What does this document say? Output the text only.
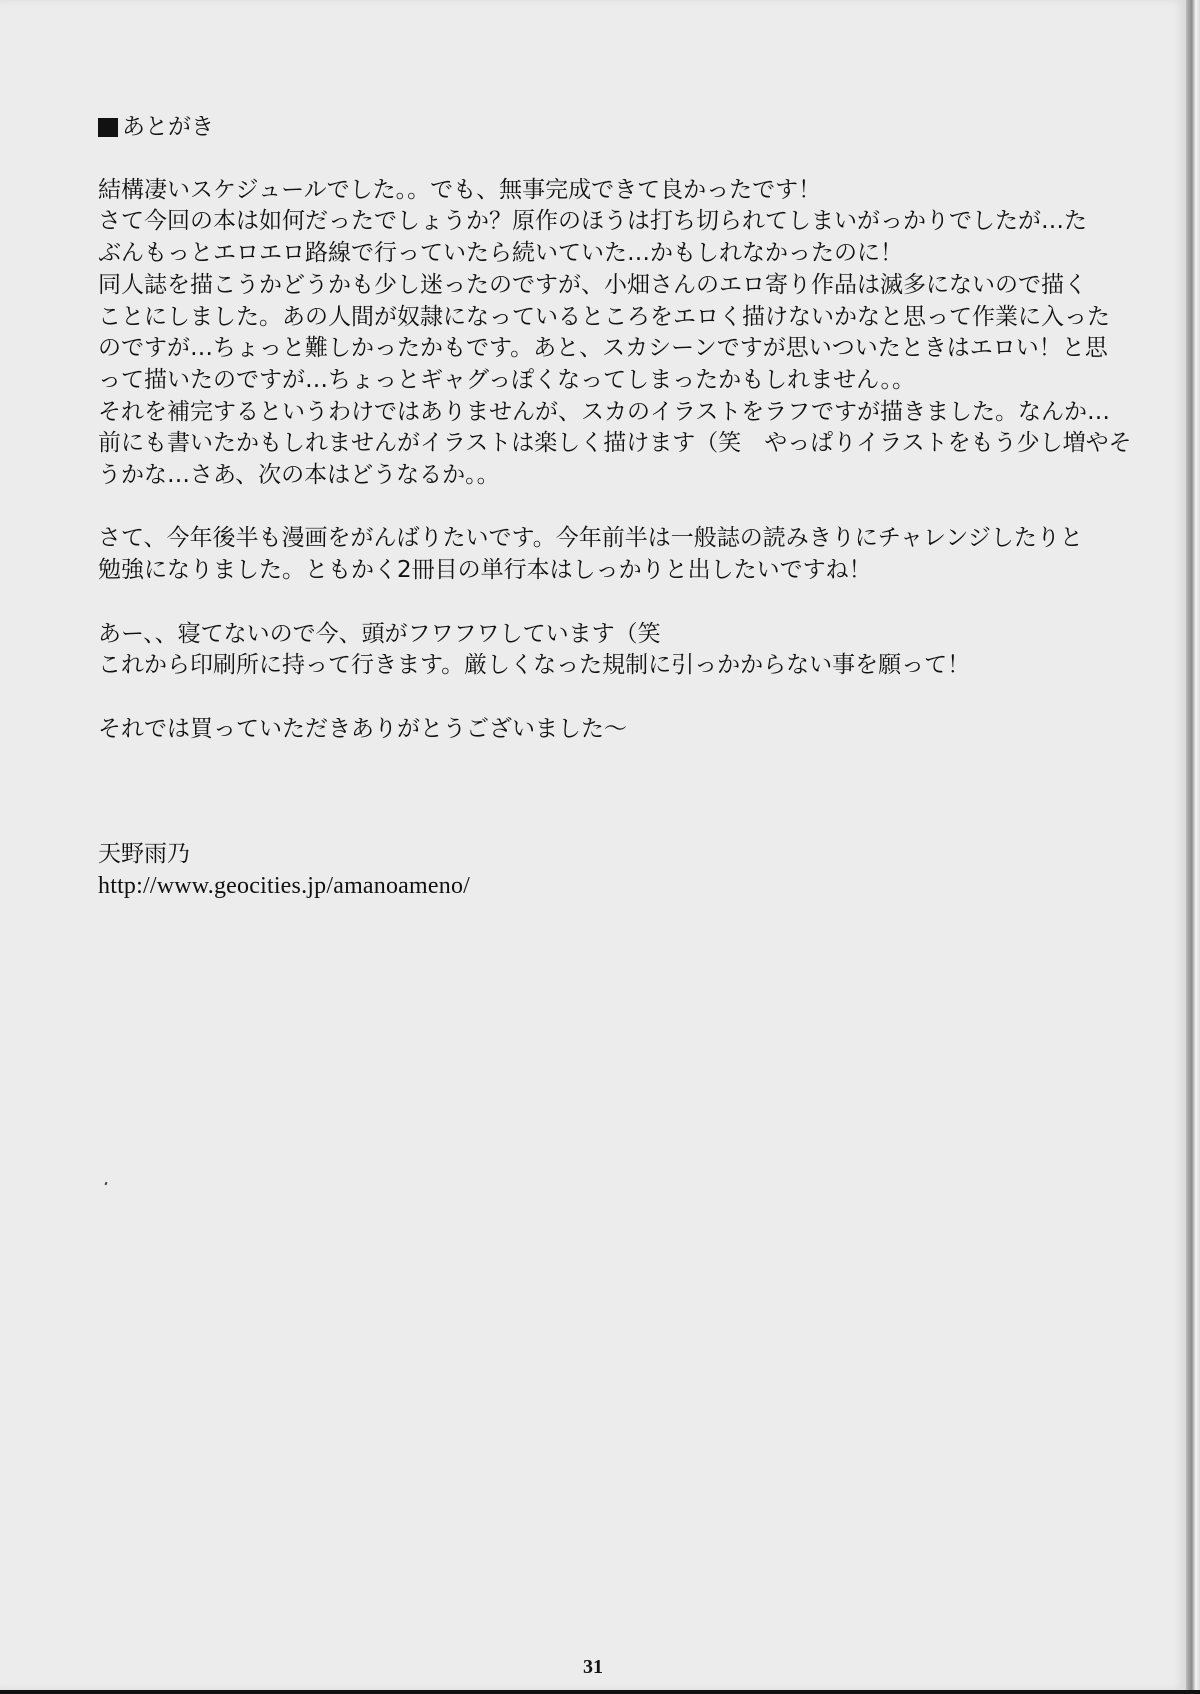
あとがき
結構凄いスケジュールでした。。でも、無事完成できて良かったです！
さて今回の本は如何だったでしょうか？原作のほうは打ち切られてしまいがっかりでしたが…た
ぶんもっとエロエロ路線で行っていたら続いていた…かもしれなかったのに！
同人誌を描こうかどうかも少し迷ったのですが、小畑さんのエロ寄り作品は滅多にないので描く
ことにしました。あの人間が奴隷になっているところをエロく描けないかなと思って作業に入った
のですが…ちょっと難しかったかもです。あと、スカシーンですが思いついたときはエロい！と思
って描いたのですが…ちょっとギャグっぽくなってしまったかもしれません。。
それを補完するというわけではありませんが、スカのイラストをラフですが描きました。なんか…
前にも書いたかもしれませんがイラストは楽しく描けます（笑　やっぱりイラストをもう少し増やそ
うかな…さあ、次の本はどうなるか。。
さて、今年後半も漫画をがんばりたいです。今年前半は一般誌の読みきりにチャレンジしたりと
勉強になりました。ともかく2冊目の単行本はしっかりと出したいですね！
あー、、寝てないので今、頭がフワフワしています（笑
これから印刷所に持って行きます。厳しくなった規制に引っかからない事を願って！
それでは買っていただきありがとうございました～
天野雨乃
http://www.geocities.jp/amanoameno/
31
